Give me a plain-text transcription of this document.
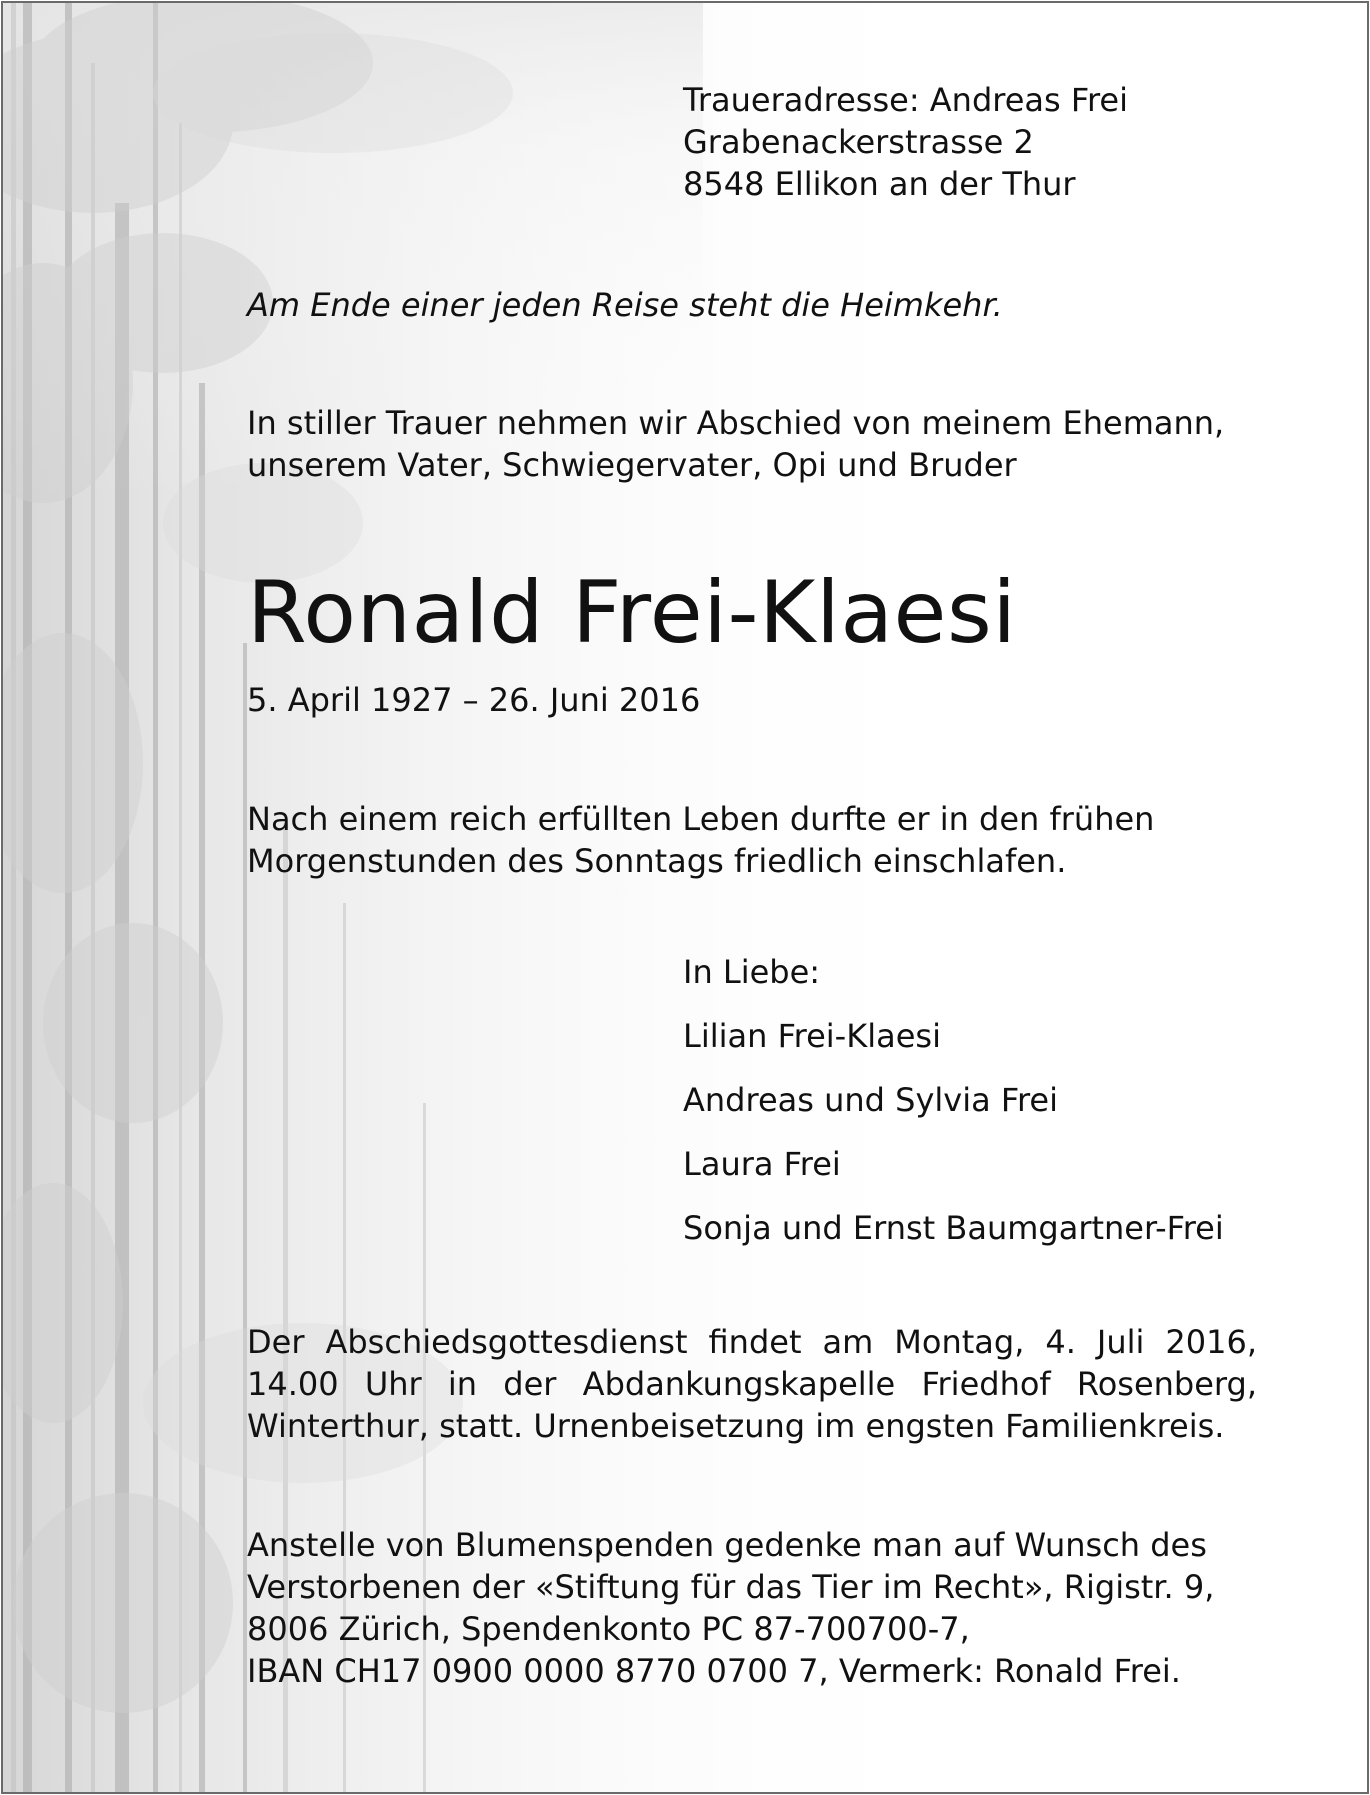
Traueradresse: Andreas Frei
Grabenackerstrasse 2
8548 Ellikon an der Thur
Am Ende einer jeden Reise steht die Heimkehr.
In stiller Trauer nehmen wir Abschied von meinem Ehemann,
unserem Vater, Schwiegervater, Opi und Bruder
Ronald Frei-Klaesi
5. April 1927 – 26. Juni 2016
Nach einem reich erfüllten Leben durfte er in den frühen
Morgenstunden des Sonntags friedlich einschlafen.
In Liebe:
Lilian Frei-Klaesi
Andreas und Sylvia Frei
Laura Frei
Sonja und Ernst Baumgartner-Frei
Der Abschiedsgottesdienst findet am Montag, 4. Juli 2016,
14.00 Uhr in der Abdankungskapelle Friedhof Rosenberg,
Winterthur, statt. Urnenbeisetzung im engsten Familienkreis.
Anstelle von Blumenspenden gedenke man auf Wunsch des
Verstorbenen der «Stiftung für das Tier im Recht», Rigistr. 9,
8006 Zürich, Spendenkonto PC 87-700700-7,
IBAN CH17 0900 0000 8770 0700 7, Vermerk: Ronald Frei.
